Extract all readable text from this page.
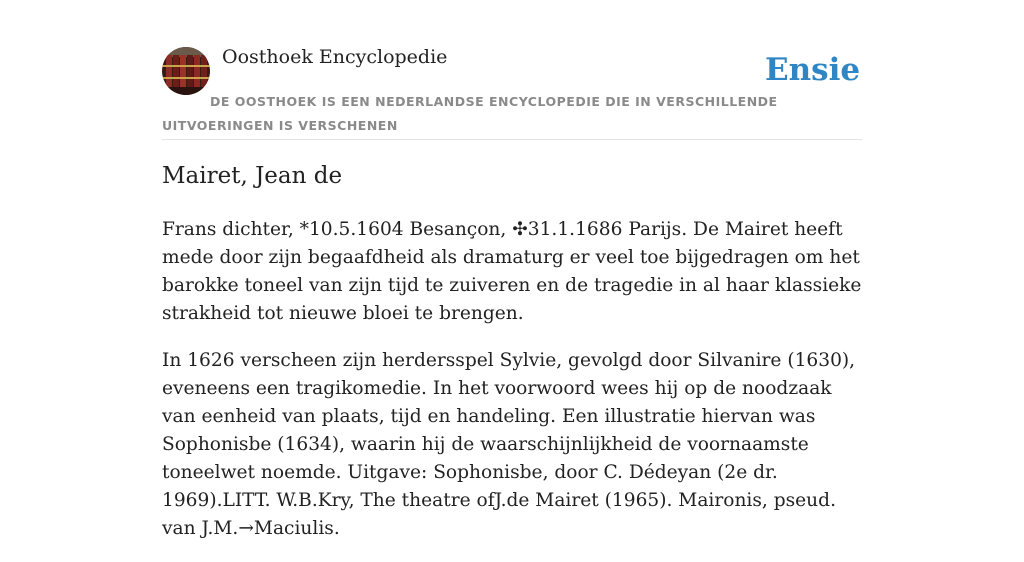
Oosthoek Encyclopedie	Ensie
DE OOSTHOEK IS EEN NEDERLANDSE ENCYCLOPEDIE DIE IN VERSCHILLENDE UITVOERINGEN IS VERSCHENEN
Mairet, Jean de

Frans dichter, *10.5.1604 Besançon, ✣31.1.1686 Parijs. De Mairet heeft mede door zijn begaafdheid als dramaturg er veel toe bijgedragen om het barokke toneel van zijn tijd te zuiveren en de tragedie in al haar klassieke strakheid tot nieuwe bloei te brengen.

In 1626 verscheen zijn herdersspel Sylvie, gevolgd door Silvanire (1630), eveneens een tragikomedie. In het voorwoord wees hij op de noodzaak van eenheid van plaats, tijd en handeling. Een illustratie hiervan was Sophonisbe (1634), waarin hij de waarschijnlijkheid de voornaamste toneelwet noemde. Uitgave: Sophonisbe, door C. Dédeyan (2e dr. 1969).LITT. W.B.Kry, The theatre ofJ.de Mairet (1965). Maironis, pseud. van J.M.→Maciulis.
